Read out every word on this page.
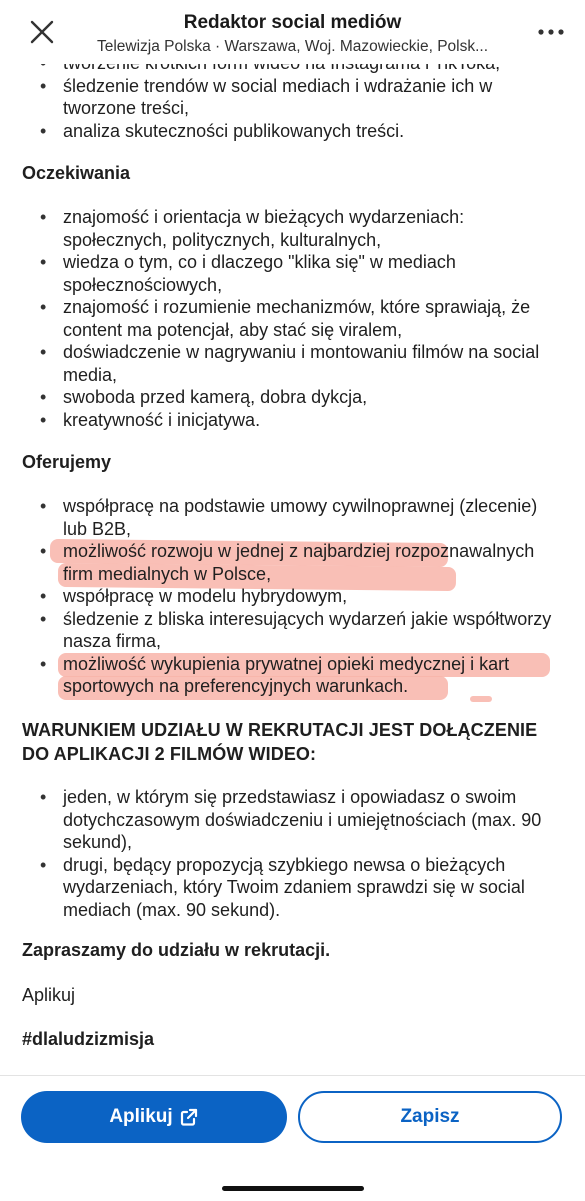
•
• śledzenie trendów w social mediach i wdrażanie ich w tworzone treści,
• analiza skuteczności publikowanych treści.
Oczekiwania
• znajomość i orientacja w bieżących wydarzeniach: społecznych, politycznych, kulturalnych,
• wiedza o tym, co i dlaczego "klika się" w mediach społecznościowych,
• znajomość i rozumienie mechanizmów, które sprawiają, że content ma potencjał, aby stać się viralem,
• doświadczenie w nagrywaniu i montowaniu filmów na social media,
• swoboda przed kamerą, dobra dykcja,
• kreatywność i inicjatywa.
Oferujemy
• współpracę na podstawie umowy cywilnoprawnej (zlecenie) lub B2B,
• możliwość rozwoju w jednej z najbardziej rozpoznawalnych firm medialnych w Polsce,
• współpracę w modelu hybrydowym,
• śledzenie z bliska interesujących wydarzeń jakie współtworzy nasza firma,
• możliwość wykupienia prywatnej opieki medycznej i kart sportowych na preferencyjnych warunkach.
WARUNKIEM UDZIAŁU W REKRUTACJI JEST DOŁĄCZENIE
DO APLIKACJI 2 FILMÓW WIDEO:
• jeden, w którym się przedstawiasz i opowiadasz o swoim dotychczasowym doświadczeniu i umiejętnościach (max. 90 sekund),
• drugi, będący propozycją szybkiego newsa o bieżących wydarzeniach, który Twoim zdaniem sprawdzi się w social mediach (max. 90 sekund).
Zapraszamy do udziału w rekrutacji.
Aplikuj
#dlaludzizmisja
Redaktor social mediów
Telewizja Polska · Warszawa, Woj. Mazowieckie, Polsk...
Aplikuj	Zapisz
